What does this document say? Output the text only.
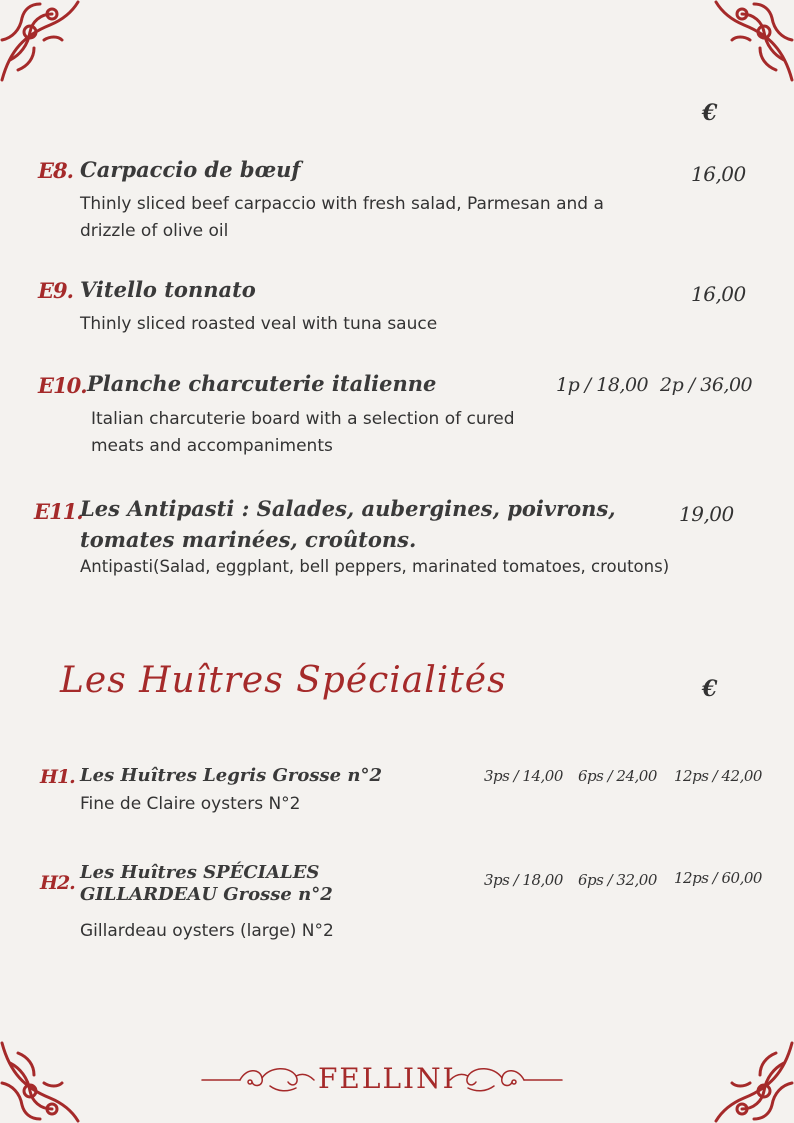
€
E8. Carpaccio de bœuf	16,00
Thinly sliced beef carpaccio with fresh salad, Parmesan and a
drizzle of olive oil
E9. Vitello tonnato	16,00
Thinly sliced roasted veal with tuna sauce
E10. Planche charcuterie italienne	1p / 18,00 2p / 36,00
Italian charcuterie board with a selection of cured
meats and accompaniments
E11.
Les Antipasti : Salades, aubergines, poivrons,
tomates marinées, croûtons.
19,00
Antipasti(Salad, eggplant, bell peppers, marinated tomatoes, croutons)
Les Huîtres Spécialités	€
H1. Les Huîtres Legris Grosse n°2	3ps / 14,00 6ps / 24,00 12ps / 42,00
Fine de Claire oysters N°2
H2. Les Huîtres SPÉCIALES
GILLARDEAU Grosse n°2
3ps / 18,00 6ps / 32,00 12ps / 60,00
Gillardeau oysters (large) N°2
FELLINI
